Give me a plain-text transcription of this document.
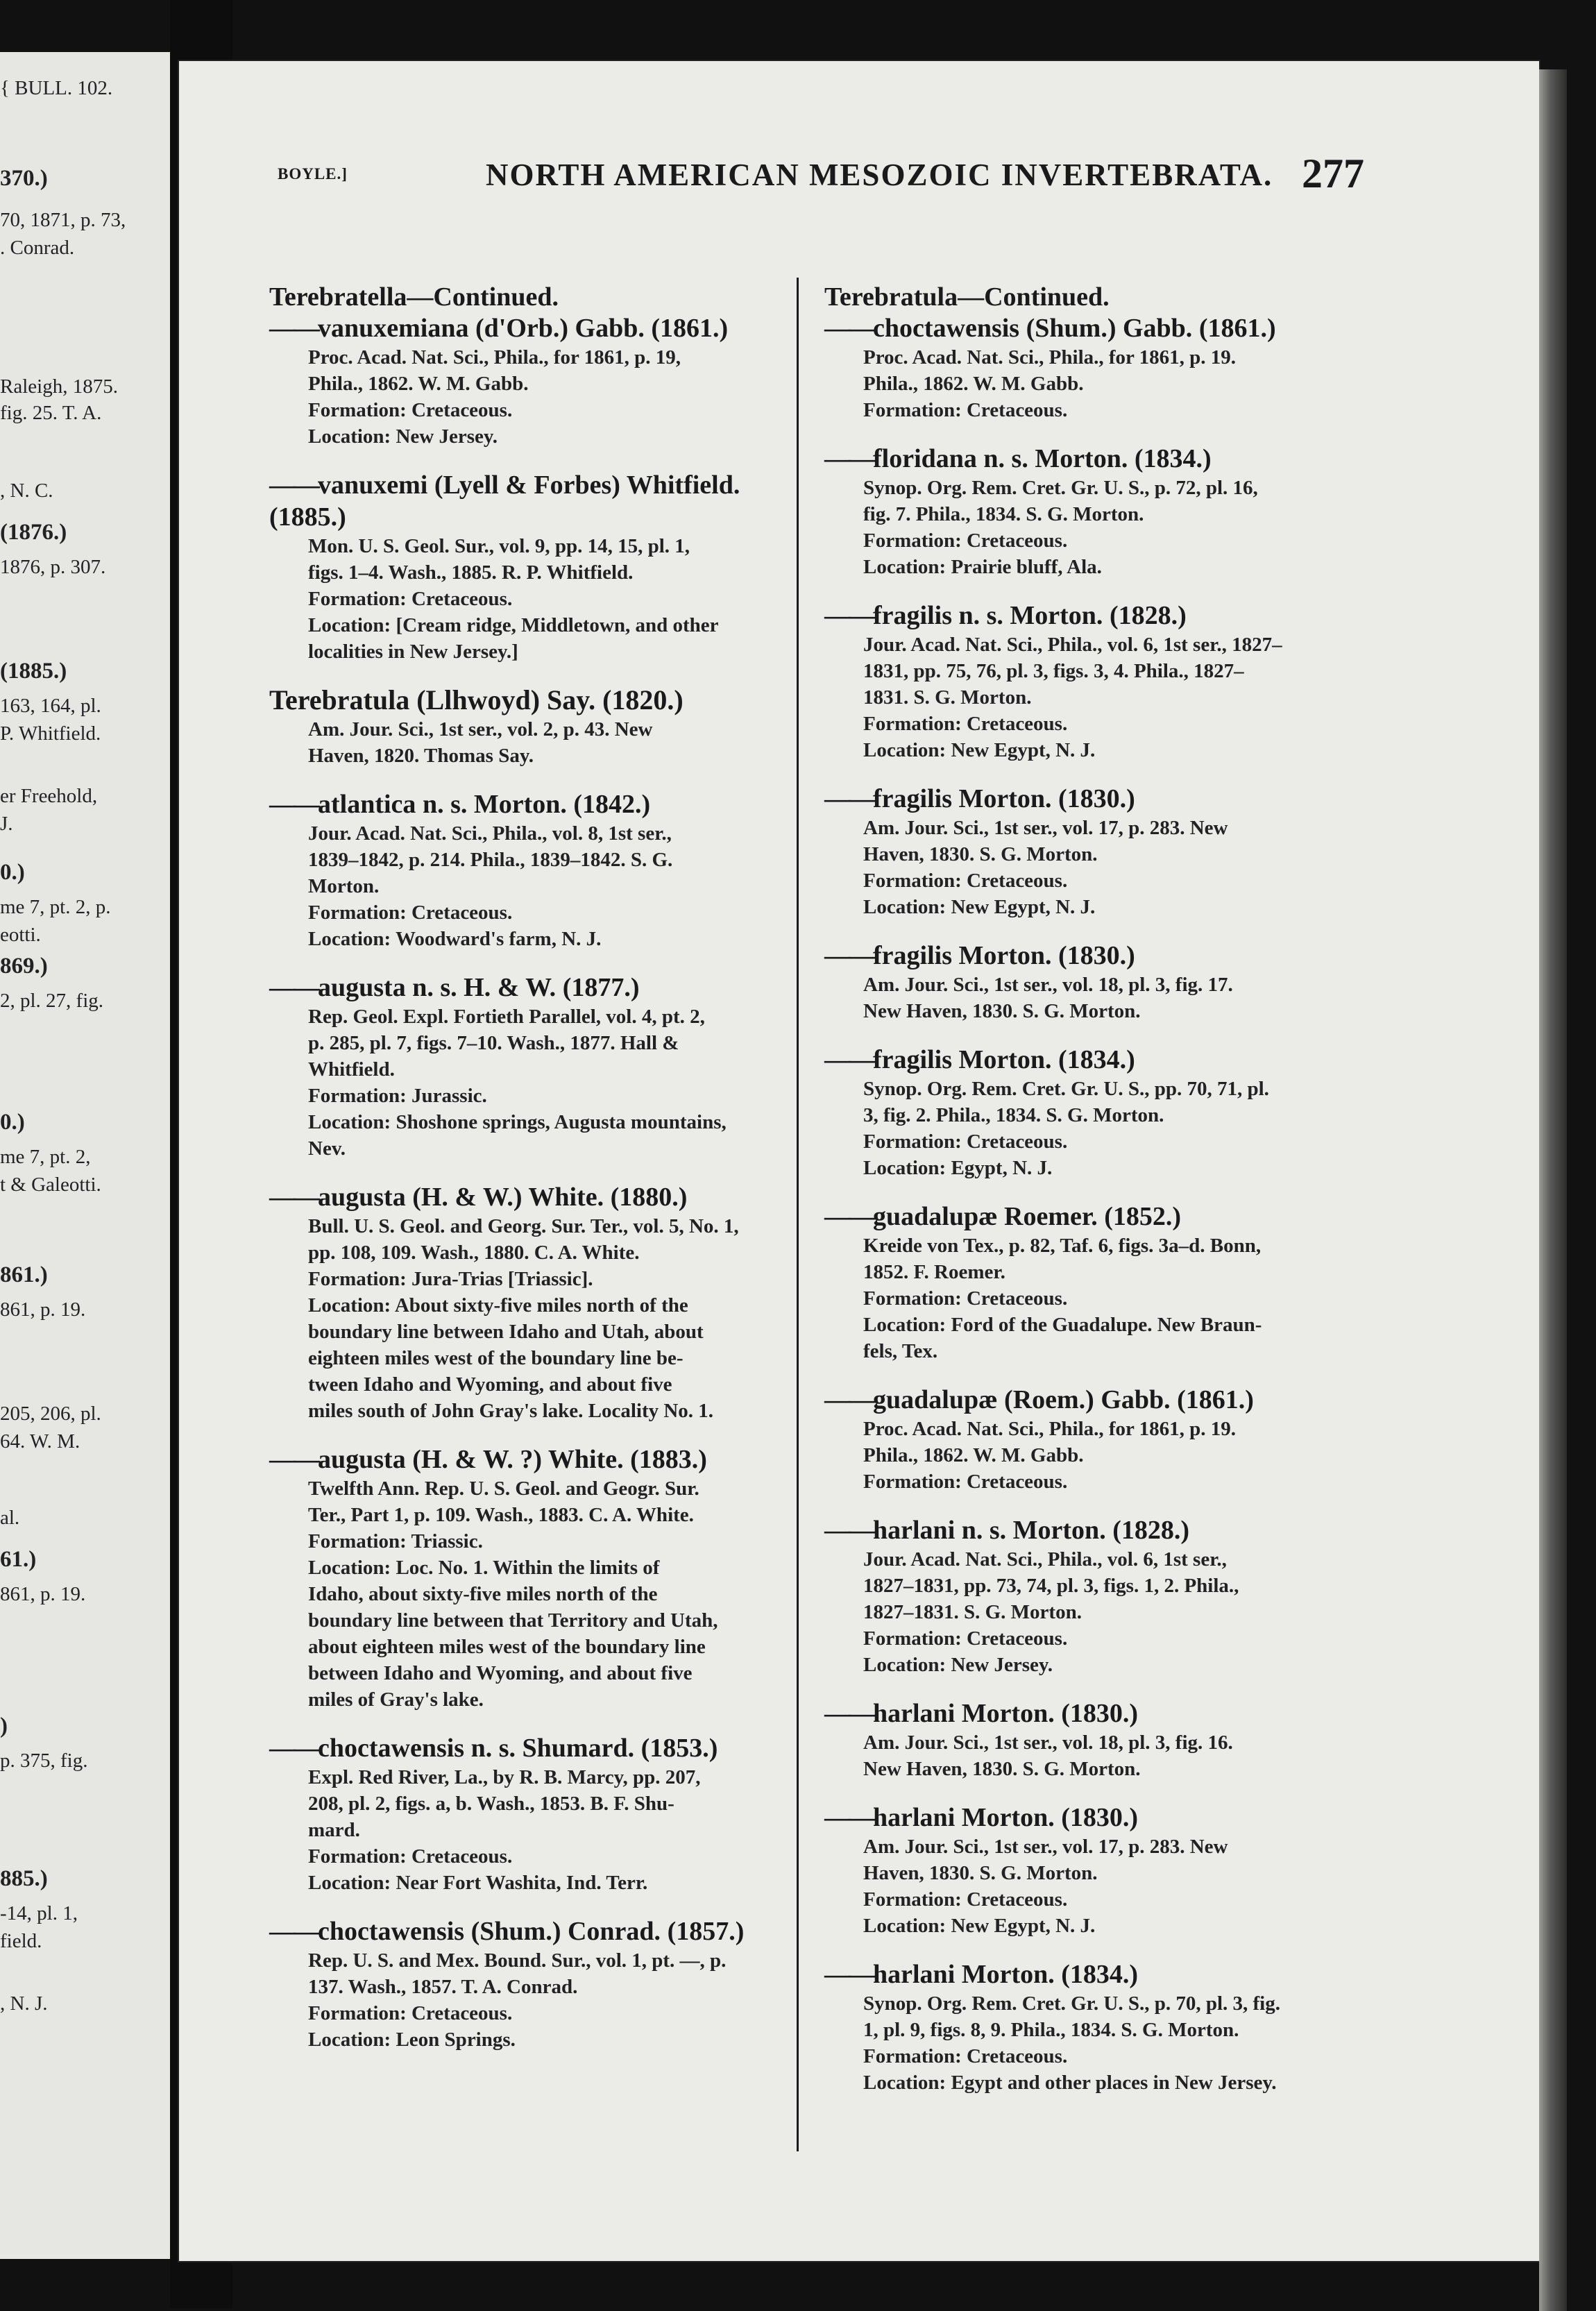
{ BULL. 102.
370.)
70, 1871, p. 73,
. Conrad.
Raleigh, 1875.
fig. 25. T. A.
, N. C.
(1876.)
1876, p. 307.
(1885.)
163, 164, pl.
P. Whitfield.
er Freehold,
J.
0.)
me 7, pt. 2, p.
eotti.
869.)
2, pl. 27, fig.
0.)
me 7, pt. 2,
t & Galeotti.
861.)
861, p. 19.
205, 206, pl.
64. W. M.
al.
61.)
861, p. 19.
)
p. 375, fig.
885.)
-14, pl. 1,
field.
, N. J.
BOYLE.]	NORTH AMERICAN MESOZOIC INVERTEBRATA. 277

Terebratella—Continued.

——vanuxemiana (d'Orb.) Gabb. (1861.)

Proc. Acad. Nat. Sci., Phila., for 1861, p. 19,

Phila., 1862. W. M. Gabb.

Formation: Cretaceous.

Location: New Jersey.

——vanuxemi (Lyell & Forbes) Whitfield. (1885.)

Mon. U. S. Geol. Sur., vol. 9, pp. 14, 15, pl. 1,

figs. 1–4. Wash., 1885. R. P. Whitfield.

Formation: Cretaceous.

Location: [Cream ridge, Middletown, and other

localities in New Jersey.]

Terebratula (Llhwoyd) Say. (1820.)

Am. Jour. Sci., 1st ser., vol. 2, p. 43. New

Haven, 1820. Thomas Say.

——atlantica n. s. Morton. (1842.)

Jour. Acad. Nat. Sci., Phila., vol. 8, 1st ser.,

1839–1842, p. 214. Phila., 1839–1842. S. G.

Morton.

Formation: Cretaceous.

Location: Woodward's farm, N. J.

——augusta n. s. H. & W. (1877.)

Rep. Geol. Expl. Fortieth Parallel, vol. 4, pt. 2,

p. 285, pl. 7, figs. 7–10. Wash., 1877. Hall &

Whitfield.

Formation: Jurassic.

Location: Shoshone springs, Augusta mountains,

Nev.

——augusta (H. & W.) White. (1880.)

Bull. U. S. Geol. and Georg. Sur. Ter., vol. 5, No. 1,

pp. 108, 109. Wash., 1880. C. A. White.

Formation: Jura-Trias [Triassic].

Location: About sixty-five miles north of the

boundary line between Idaho and Utah, about

eighteen miles west of the boundary line be-

tween Idaho and Wyoming, and about five

miles south of John Gray's lake. Locality No. 1.

——augusta (H. & W. ?) White. (1883.)

Twelfth Ann. Rep. U. S. Geol. and Geogr. Sur.

Ter., Part 1, p. 109. Wash., 1883. C. A. White.

Formation: Triassic.

Location: Loc. No. 1. Within the limits of

Idaho, about sixty-five miles north of the

boundary line between that Territory and Utah,

about eighteen miles west of the boundary line

between Idaho and Wyoming, and about five

miles of Gray's lake.

——choctawensis n. s. Shumard. (1853.)

Expl. Red River, La., by R. B. Marcy, pp. 207,

208, pl. 2, figs. a, b. Wash., 1853. B. F. Shu-

mard.

Formation: Cretaceous.

Location: Near Fort Washita, Ind. Terr.

——choctawensis (Shum.) Conrad. (1857.)

Rep. U. S. and Mex. Bound. Sur., vol. 1, pt. —, p.

137. Wash., 1857. T. A. Conrad.

Formation: Cretaceous.

Location: Leon Springs.

Terebratula—Continued.

——choctawensis (Shum.) Gabb. (1861.)

Proc. Acad. Nat. Sci., Phila., for 1861, p. 19.

Phila., 1862. W. M. Gabb.

Formation: Cretaceous.

——floridana n. s. Morton. (1834.)

Synop. Org. Rem. Cret. Gr. U. S., p. 72, pl. 16,

fig. 7. Phila., 1834. S. G. Morton.

Formation: Cretaceous.

Location: Prairie bluff, Ala.

——fragilis n. s. Morton. (1828.)

Jour. Acad. Nat. Sci., Phila., vol. 6, 1st ser., 1827–

1831, pp. 75, 76, pl. 3, figs. 3, 4. Phila., 1827–

1831. S. G. Morton.

Formation: Cretaceous.

Location: New Egypt, N. J.

——fragilis Morton. (1830.)

Am. Jour. Sci., 1st ser., vol. 17, p. 283. New

Haven, 1830. S. G. Morton.

Formation: Cretaceous.

Location: New Egypt, N. J.

——fragilis Morton. (1830.)

Am. Jour. Sci., 1st ser., vol. 18, pl. 3, fig. 17.

New Haven, 1830. S. G. Morton.

——fragilis Morton. (1834.)

Synop. Org. Rem. Cret. Gr. U. S., pp. 70, 71, pl.

3, fig. 2. Phila., 1834. S. G. Morton.

Formation: Cretaceous.

Location: Egypt, N. J.

——guadalupæ Roemer. (1852.)

Kreide von Tex., p. 82, Taf. 6, figs. 3a–d. Bonn,

1852. F. Roemer.

Formation: Cretaceous.

Location: Ford of the Guadalupe. New Braun-

fels, Tex.

——guadalupæ (Roem.) Gabb. (1861.)

Proc. Acad. Nat. Sci., Phila., for 1861, p. 19.

Phila., 1862. W. M. Gabb.

Formation: Cretaceous.

——harlani n. s. Morton. (1828.)

Jour. Acad. Nat. Sci., Phila., vol. 6, 1st ser.,

1827–1831, pp. 73, 74, pl. 3, figs. 1, 2. Phila.,

1827–1831. S. G. Morton.

Formation: Cretaceous.

Location: New Jersey.

——harlani Morton. (1830.)

Am. Jour. Sci., 1st ser., vol. 18, pl. 3, fig. 16.

New Haven, 1830. S. G. Morton.

——harlani Morton. (1830.)

Am. Jour. Sci., 1st ser., vol. 17, p. 283. New

Haven, 1830. S. G. Morton.

Formation: Cretaceous.

Location: New Egypt, N. J.

——harlani Morton. (1834.)

Synop. Org. Rem. Cret. Gr. U. S., p. 70, pl. 3, fig.

1, pl. 9, figs. 8, 9. Phila., 1834. S. G. Morton.

Formation: Cretaceous.

Location: Egypt and other places in New Jersey.
